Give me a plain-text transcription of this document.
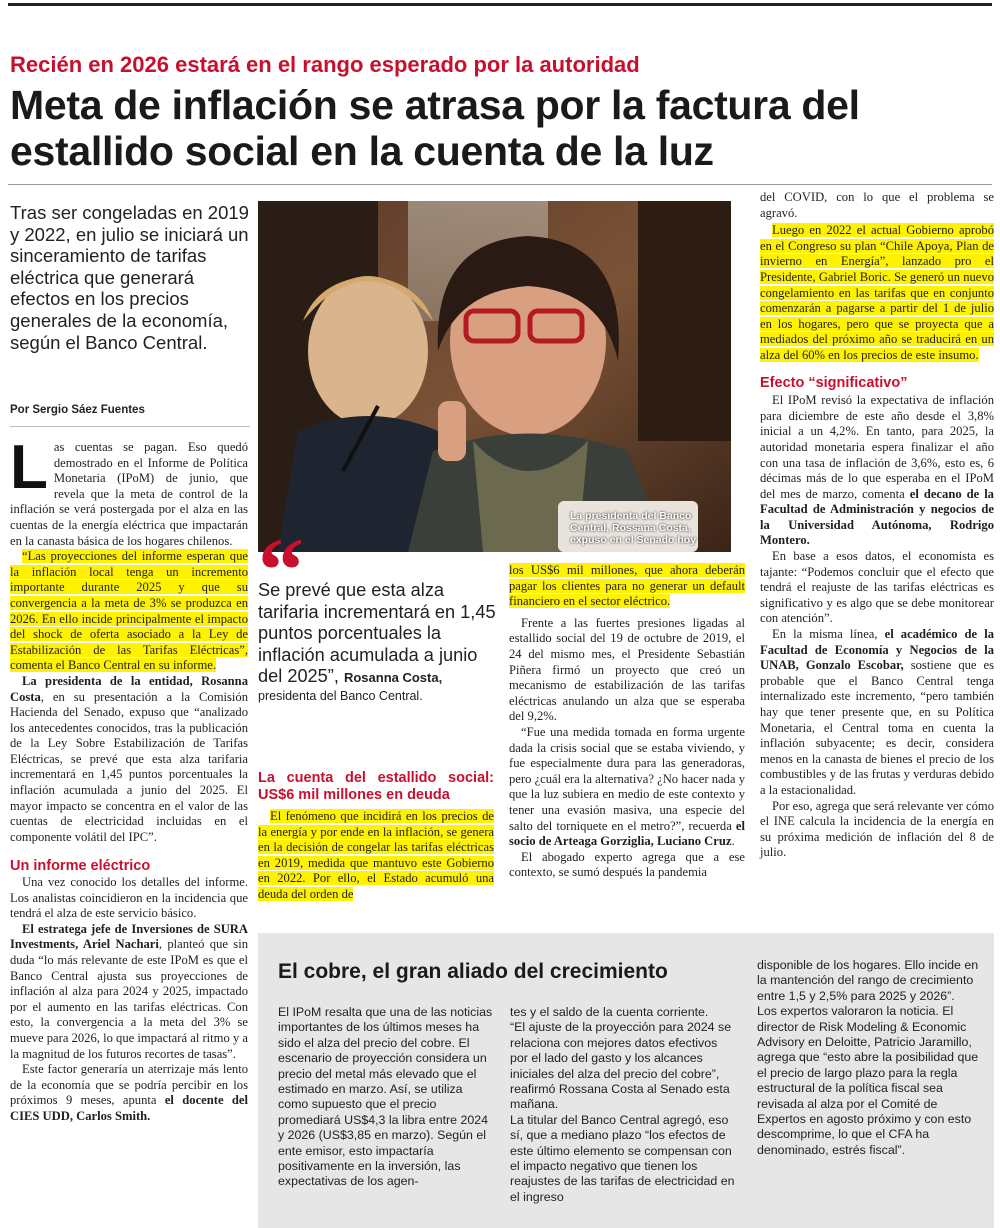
Recién en 2026 estará en el rango esperado por la autoridad
Meta de inflación se atrasa por la factura del estallido social en la cuenta de la luz
Tras ser congeladas en 2019 y 2022, en julio se iniciará un sinceramiento de tarifas eléctrica que generará efectos en los precios generales de la economía, según el Banco Central.
Por Sergio Sáez Fuentes

Las cuentas se pagan. Eso quedó demostrado en el Informe de Política Monetaria (IPoM) de junio, que revela que la meta de control de la inflación se verá postergada por el alza en las cuentas de la energía eléctrica que impactarán en la canasta básica de los hogares chilenos.

“Las proyecciones del informe esperan que la inflación local tenga un incremento importante durante 2025 y que su convergencia a la meta de 3% se produzca en 2026. En ello incide principalmente el impacto del shock de oferta asociado a la Ley de Estabilización de las Tarifas Eléctricas”, comenta el Banco Central en su informe.

La presidenta de la entidad, Rosanna Costa, en su presentación a la Comisión Hacienda del Senado, expuso que “analizado los antecedentes conocidos, tras la publicación de la Ley Sobre Estabilización de Tarifas Eléctricas, se prevé que esta alza tarifaria incrementará en 1,45 puntos porcentuales la inflación acumulada a junio del 2025. El mayor impacto se concentra en el valor de las cuentas de electricidad incluidas en el componente volátil del IPC”.

Un informe eléctrico

Una vez conocido los detalles del informe. Los analistas coincidieron en la incidencia que tendrá el alza de este servicio básico.

El estratega jefe de Inversiones de SURA Investments, Ariel Nachari, planteó que sin duda “lo más relevante de este IPoM es que el Banco Central ajusta sus proyecciones de inflación al alza para 2024 y 2025, impactado por el aumento en las tarifas eléctricas. Con esto, la convergencia a la meta del 3% se mueve para 2026, lo que impactará al ritmo y a la magnitud de los futuros recortes de tasas”.

Este factor generaría un aterrizaje más lento de la economía que se podría percibir en los próximos 9 meses, apunta el docente del CIES UDD, Carlos Smith.

La presidenta del Banco Central, Rossana Costa, expuso en el Senado hoy
“
Se prevé que esta alza tarifaria incrementará en 1,45 puntos porcentuales la inflación acumulada a junio del 2025”, Rosanna Costa,
presidenta del Banco Central.
La cuenta del estallido social: US$6 mil millones en deuda

El fenómeno que incidirá en los precios de la energía y por ende en la inflación, se genera en la decisión de congelar las tarifas eléctricas en 2019, medida que mantuvo este Gobierno en 2022. Por ello, el Estado acumuló una deuda del orden de

los US$6 mil millones, que ahora deberán pagar los clientes para no generar un default financiero en el sector eléctrico.

Frente a las fuertes presiones ligadas al estallido social del 19 de octubre de 2019, el 24 del mismo mes, el Presidente Sebastián Piñera firmó un proyecto que creó un mecanismo de estabilización de las tarifas eléctricas anulando un alza que se esperaba del 9,2%.

“Fue una medida tomada en forma urgente dada la crisis social que se estaba viviendo, y fue especialmente dura para las generadoras, pero ¿cuál era la alternativa? ¿No hacer nada y que la luz subiera en medio de este contexto y tener una evasión masiva, una especie del salto del torniquete en el metro?”, recuerda el socio de Arteaga Gorziglia, Luciano Cruz.

El abogado experto agrega que a ese contexto, se sumó después la pandemia

del COVID, con lo que el problema se agravó.

Luego en 2022 el actual Gobierno aprobó en el Congreso su plan “Chile Apoya, Plan de invierno en Energía”, lanzado pro el Presidente, Gabriel Boric. Se generó un nuevo congelamiento en las tarifas que en conjunto comenzarán a pagarse a partir del 1 de julio en los hogares, pero que se proyecta que a mediados del próximo año se traducirá en un alza del 60% en los precios de este insumo.

Efecto “significativo”

El IPoM revisó la expectativa de inflación para diciembre de este año desde el 3,8% inicial a un 4,2%. En tanto, para 2025, la autoridad monetaria espera finalizar el año con una tasa de inflación de 3,6%, esto es, 6 décimas más de lo que esperaba en el IPoM del mes de marzo, comenta el decano de la Facultad de Administración y negocios de la Universidad Autónoma, Rodrigo Montero.

En base a esos datos, el economista es tajante: “Podemos concluir que el efecto que tendrá el reajuste de las tarifas eléctricas es significativo y es algo que se debe monitorear con atención”.

En la misma línea, el académico de la Facultad de Economía y Negocios de la UNAB, Gonzalo Escobar, sostiene que es probable que el Banco Central tenga internalizado este incremento, “pero también hay que tener presente que, en su Política Monetaria, el Central toma en cuenta la inflación subyacente; es decir, considera menos en la canasta de bienes el precio de los combustibles y de las frutas y verduras debido a la estacionalidad.

Por eso, agrega que será relevante ver cómo el INE calcula la incidencia de la energía en su próxima medición de inflación del 8 de julio.

El cobre, el gran aliado del crecimiento

El IPoM resalta que una de las noticias importantes de los últimos meses ha sido el alza del precio del cobre. El escenario de proyección considera un precio del metal más elevado que el estimado en marzo. Así, se utiliza como supuesto que el precio promediará US$4,3 la libra entre 2024 y 2026 (US$3,85 en marzo). Según el ente emisor, esto impactaría positivamente en la inversión, las expectativas de los agen-

tes y el saldo de la cuenta corriente.

“El ajuste de la proyección para 2024 se relaciona con mejores datos efectivos por el lado del gasto y los alcances iniciales del alza del precio del cobre”, reafirmó Rossana Costa al Senado esta mañana.

La titular del Banco Central agregó, eso sí, que a mediano plazo “los efectos de este último elemento se compensan con el impacto negativo que tienen los reajustes de las tarifas de electricidad en el ingreso

disponible de los hogares. Ello incide en la mantención del rango de crecimiento entre 1,5 y 2,5% para 2025 y 2026”.

Los expertos valoraron la noticia. El director de Risk Modeling & Economic Advisory en Deloitte, Patricio Jaramillo, agrega que “esto abre la posibilidad que el precio de largo plazo para la regla estructural de la política fiscal sea revisada al alza por el Comité de Expertos en agosto próximo y con esto descomprime, lo que el CFA ha denominado, estrés fiscal”.
